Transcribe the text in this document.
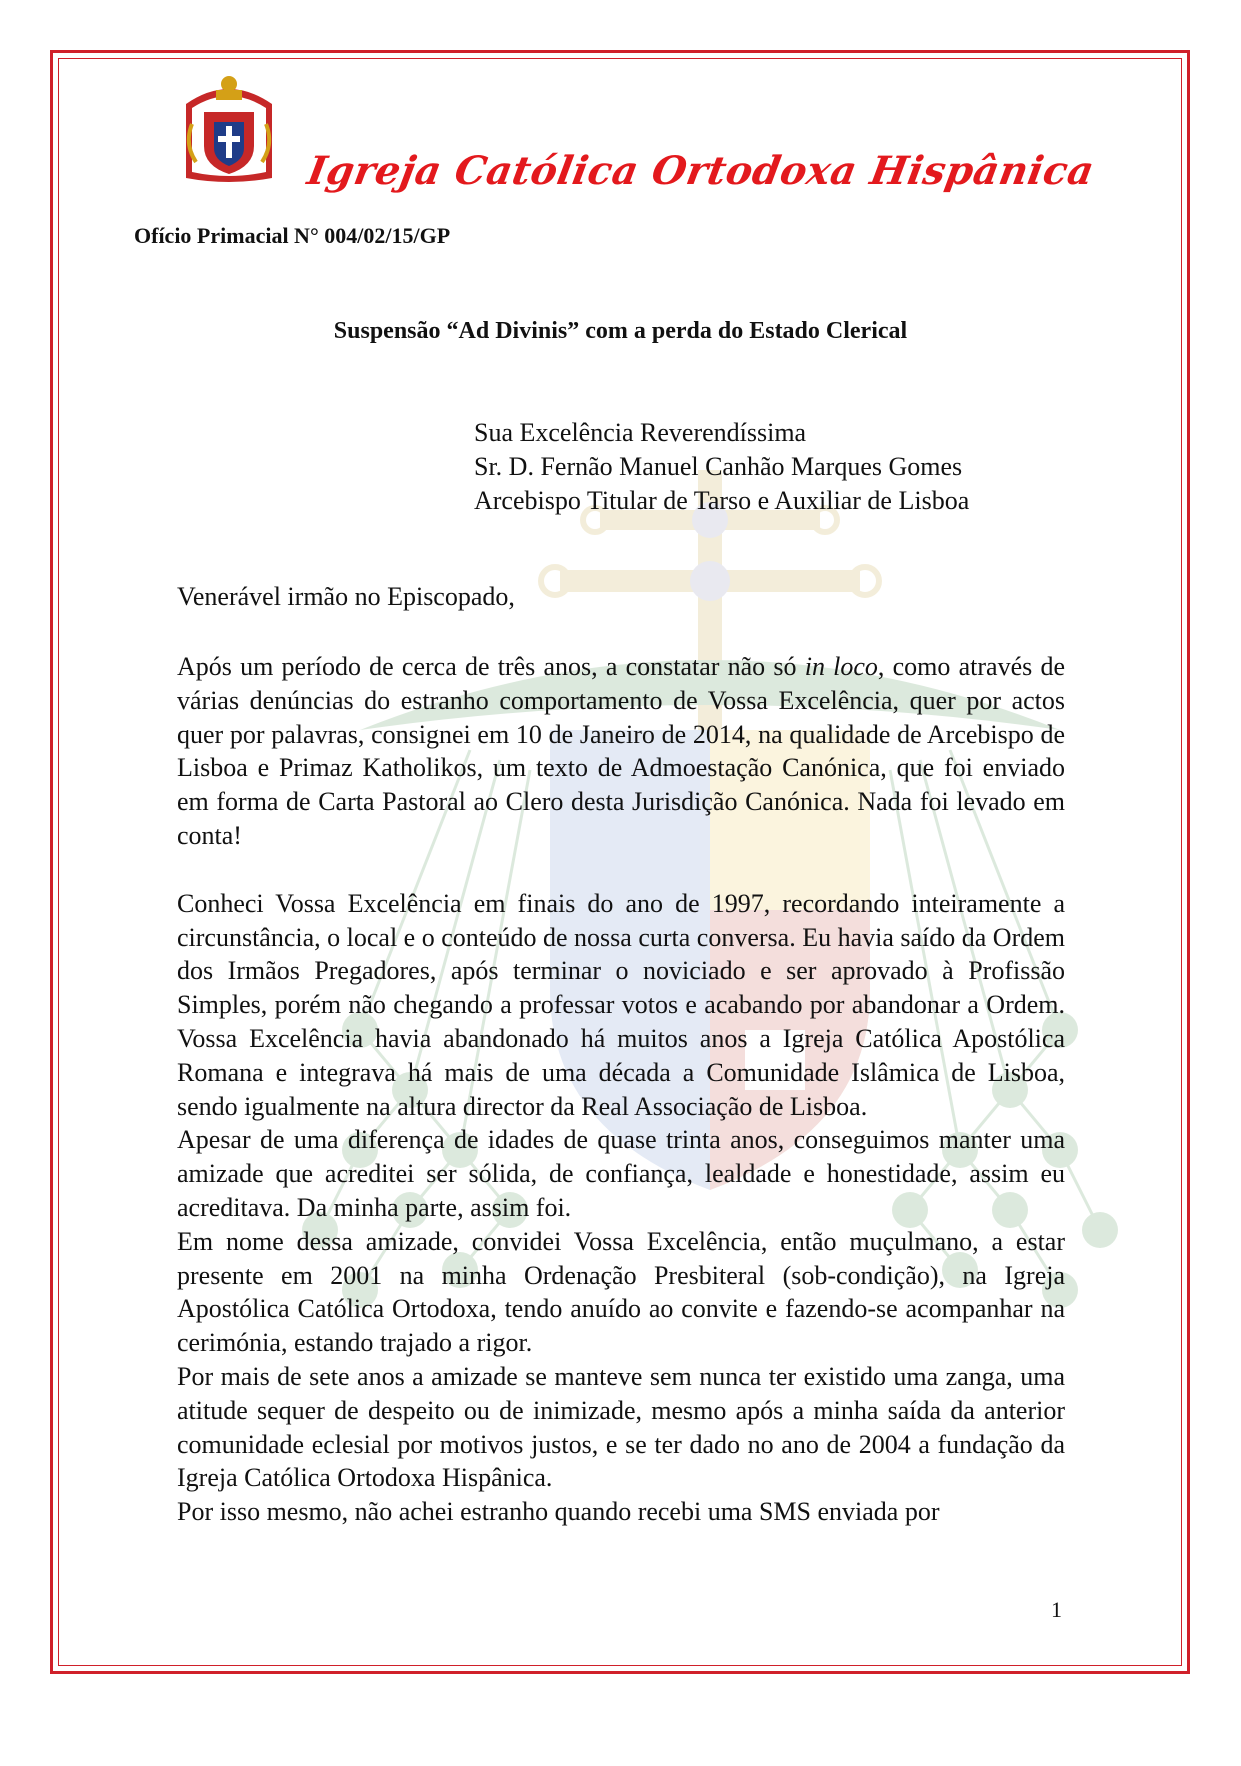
Igreja Católica Ortodoxa Hispânica
Ofício Primacial N° 004/02/15/GP
Suspensão “Ad Divinis” com a perda do Estado Clerical
Sua Excelência Reverendíssima
Sr. D. Fernão Manuel Canhão Marques Gomes
Arcebispo Titular de Tarso e Auxiliar de Lisboa
Venerável irmão no Episcopado,

Após um período de cerca de três anos, a constatar não só in loco, como através de várias denúncias do estranho comportamento de Vossa Excelência, quer por actos quer por palavras, consignei em 10 de Janeiro de 2014, na qualidade de Arcebispo de Lisboa e Primaz Katholikos, um texto de Admoestação Canónica, que foi enviado em forma de Carta Pastoral ao Clero desta Jurisdição Canónica. Nada foi levado em conta!

Conheci Vossa Excelência em finais do ano de 1997, recordando inteiramente a circunstância, o local e o conteúdo de nossa curta conversa. Eu havia saído da Ordem dos Irmãos Pregadores, após terminar o noviciado e ser aprovado à Profissão Simples, porém não chegando a professar votos e acabando por abandonar a Ordem. Vossa Excelência havia abandonado há muitos anos a Igreja Católica Apostólica Romana e integrava há mais de uma década a Comunidade Islâmica de Lisboa, sendo igualmente na altura director da Real Associação de Lisboa.

Apesar de uma diferença de idades de quase trinta anos, conseguimos manter uma amizade que acreditei ser sólida, de confiança, lealdade e honestidade, assim eu acreditava. Da minha parte, assim foi.

Em nome dessa amizade, convidei Vossa Excelência, então muçulmano, a estar presente em 2001 na minha Ordenação Presbiteral (sob-condição), na Igreja Apostólica Católica Ortodoxa, tendo anuído ao convite e fazendo-se acompanhar na cerimónia, estando trajado a rigor.

Por mais de sete anos a amizade se manteve sem nunca ter existido uma zanga, uma atitude sequer de despeito ou de inimizade, mesmo após a minha saída da anterior comunidade eclesial por motivos justos, e se ter dado no ano de 2004 a fundação da Igreja Católica Ortodoxa Hispânica.

Por isso mesmo, não achei estranho quando recebi uma SMS enviada por

1
